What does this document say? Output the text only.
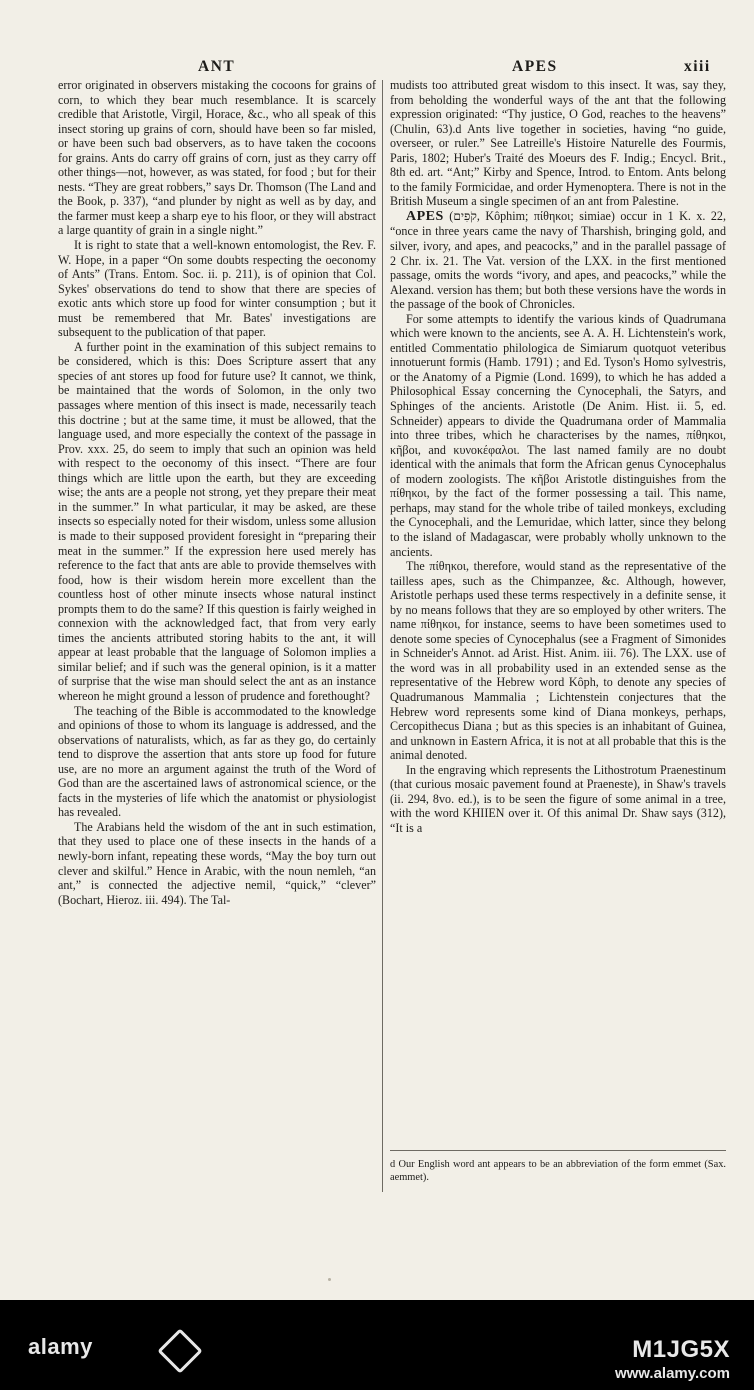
ANT	APES	xiii

error originated in observers mistaking the cocoons for grains of corn, to which they bear much resemblance. It is scarcely credible that Aristotle, Virgil, Horace, &c., who all speak of this insect storing up grains of corn, should have been so far misled, or have been such bad observers, as to have taken the cocoons for grains. Ants do carry off grains of corn, just as they carry off other things—not, however, as was stated, for food ; but for their nests. “They are great robbers,” says Dr. Thomson (The Land and the Book, p. 337), “and plunder by night as well as by day, and the farmer must keep a sharp eye to his floor, or they will abstract a large quantity of grain in a single night.”

It is right to state that a well-known entomologist, the Rev. F. W. Hope, in a paper “On some doubts respecting the oeconomy of Ants” (Trans. Entom. Soc. ii. p. 211), is of opinion that Col. Sykes' observations do tend to show that there are species of exotic ants which store up food for winter consumption ; but it must be remembered that Mr. Bates' investigations are subsequent to the publication of that paper.

A further point in the examination of this subject remains to be considered, which is this: Does Scripture assert that any species of ant stores up food for future use? It cannot, we think, be maintained that the words of Solomon, in the only two passages where mention of this insect is made, necessarily teach this doctrine ; but at the same time, it must be allowed, that the language used, and more especially the context of the passage in Prov. xxx. 25, do seem to imply that such an opinion was held with respect to the oeconomy of this insect. “There are four things which are little upon the earth, but they are exceeding wise; the ants are a people not strong, yet they prepare their meat in the summer.” In what particular, it may be asked, are these insects so especially noted for their wisdom, unless some allusion is made to their supposed provident foresight in “preparing their meat in the summer.” If the expression here used merely has reference to the fact that ants are able to provide themselves with food, how is their wisdom herein more excellent than the countless host of other minute insects whose natural instinct prompts them to do the same? If this question is fairly weighed in connexion with the acknowledged fact, that from very early times the ancients attributed storing habits to the ant, it will appear at least probable that the language of Solomon implies a similar belief; and if such was the general opinion, is it a matter of surprise that the wise man should select the ant as an instance whereon he might ground a lesson of prudence and forethought?

The teaching of the Bible is accommodated to the knowledge and opinions of those to whom its language is addressed, and the observations of naturalists, which, as far as they go, do certainly tend to disprove the assertion that ants store up food for future use, are no more an argument against the truth of the Word of God than are the ascertained laws of astronomical science, or the facts in the mysteries of life which the anatomist or physiologist has revealed.

The Arabians held the wisdom of the ant in such estimation, that they used to place one of these insects in the hands of a newly-born infant, repeating these words, “May the boy turn out clever and skilful.” Hence in Arabic, with the noun nemleh, “an ant,” is connected the adjective nemil, “quick,” “clever” (Bochart, Hieroz. iii. 494). The Tal-

mudists too attributed great wisdom to this insect. It was, say they, from beholding the wonderful ways of the ant that the following expression originated: “Thy justice, O God, reaches to the heavens” (Chulin, 63).d Ants live together in societies, having “no guide, overseer, or ruler.” See Latreille's Histoire Naturelle des Fourmis, Paris, 1802; Huber's Traité des Moeurs des F. Indig.; Encycl. Brit., 8th ed. art. “Ant;” Kirby and Spence, Introd. to Entom. Ants belong to the family Formicidae, and order Hymenoptera. There is not in the British Museum a single specimen of an ant from Palestine.

APES (קֹפִים, Kôphim; πίθηκοι; simiae) occur in 1 K. x. 22, “once in three years came the navy of Tharshish, bringing gold, and silver, ivory, and apes, and peacocks,” and in the parallel passage of 2 Chr. ix. 21. The Vat. version of the LXX. in the first mentioned passage, omits the words “ivory, and apes, and peacocks,” while the Alexand. version has them; but both these versions have the words in the passage of the book of Chronicles.

For some attempts to identify the various kinds of Quadrumana which were known to the ancients, see A. A. H. Lichtenstein's work, entitled Commentatio philologica de Simiarum quotquot veteribus innotuerunt formis (Hamb. 1791) ; and Ed. Tyson's Homo sylvestris, or the Anatomy of a Pigmie (Lond. 1699), to which he has added a Philosophical Essay concerning the Cynocephali, the Satyrs, and Sphinges of the ancients. Aristotle (De Anim. Hist. ii. 5, ed. Schneider) appears to divide the Quadrumana order of Mammalia into three tribes, which he characterises by the names, πίθηκοι, κῆβοι, and κυνοκέφαλοι. The last named family are no doubt identical with the animals that form the African genus Cynocephalus of modern zoologists. The κῆβοι Aristotle distinguishes from the πίθηκοι, by the fact of the former possessing a tail. This name, perhaps, may stand for the whole tribe of tailed monkeys, excluding the Cynocephali, and the Lemuridae, which latter, since they belong to the island of Madagascar, were probably wholly unknown to the ancients.

The πίθηκοι, therefore, would stand as the representative of the tailless apes, such as the Chimpanzee, &c. Although, however, Aristotle perhaps used these terms respectively in a definite sense, it by no means follows that they are so employed by other writers. The name πίθηκοι, for instance, seems to have been sometimes used to denote some species of Cynocephalus (see a Fragment of Simonides in Schneider's Annot. ad Arist. Hist. Anim. iii. 76). The LXX. use of the word was in all probability used in an extended sense as the representative of the Hebrew word Kôph, to denote any species of Quadrumanous Mammalia ; Lichtenstein conjectures that the Hebrew word represents some kind of Diana monkeys, perhaps, Cercopithecus Diana ; but as this species is an inhabitant of Guinea, and unknown in Eastern Africa, it is not at all probable that this is the animal denoted.

In the engraving which represents the Lithostrotum Praenestinum (that curious mosaic pavement found at Praeneste), in Shaw's travels (ii. 294, 8vo. ed.), is to be seen the figure of some animal in a tree, with the word KHIIEN over it. Of this animal Dr. Shaw says (312), “It is a

d Our English word ant appears to be an abbreviation of the form emmet (Sax. aemmet).
alamy	M1JG5X
www.alamy.com
